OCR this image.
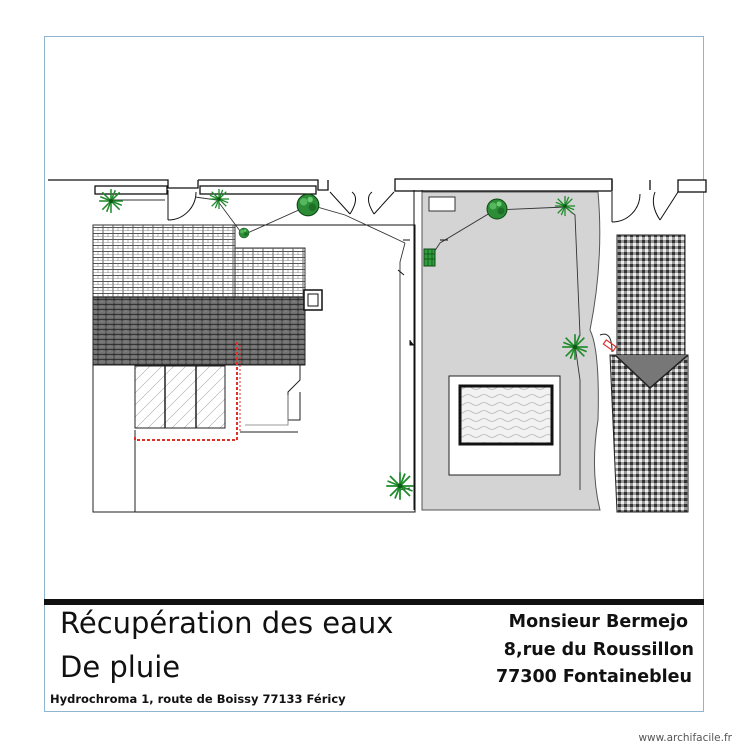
Récupération des eaux
De pluie
Hydrochroma 1, route de Boissy 77133 Féricy
Monsieur Bermejo
8,rue du Roussillon
77300 Fontainebleu
www.archifacile.fr
